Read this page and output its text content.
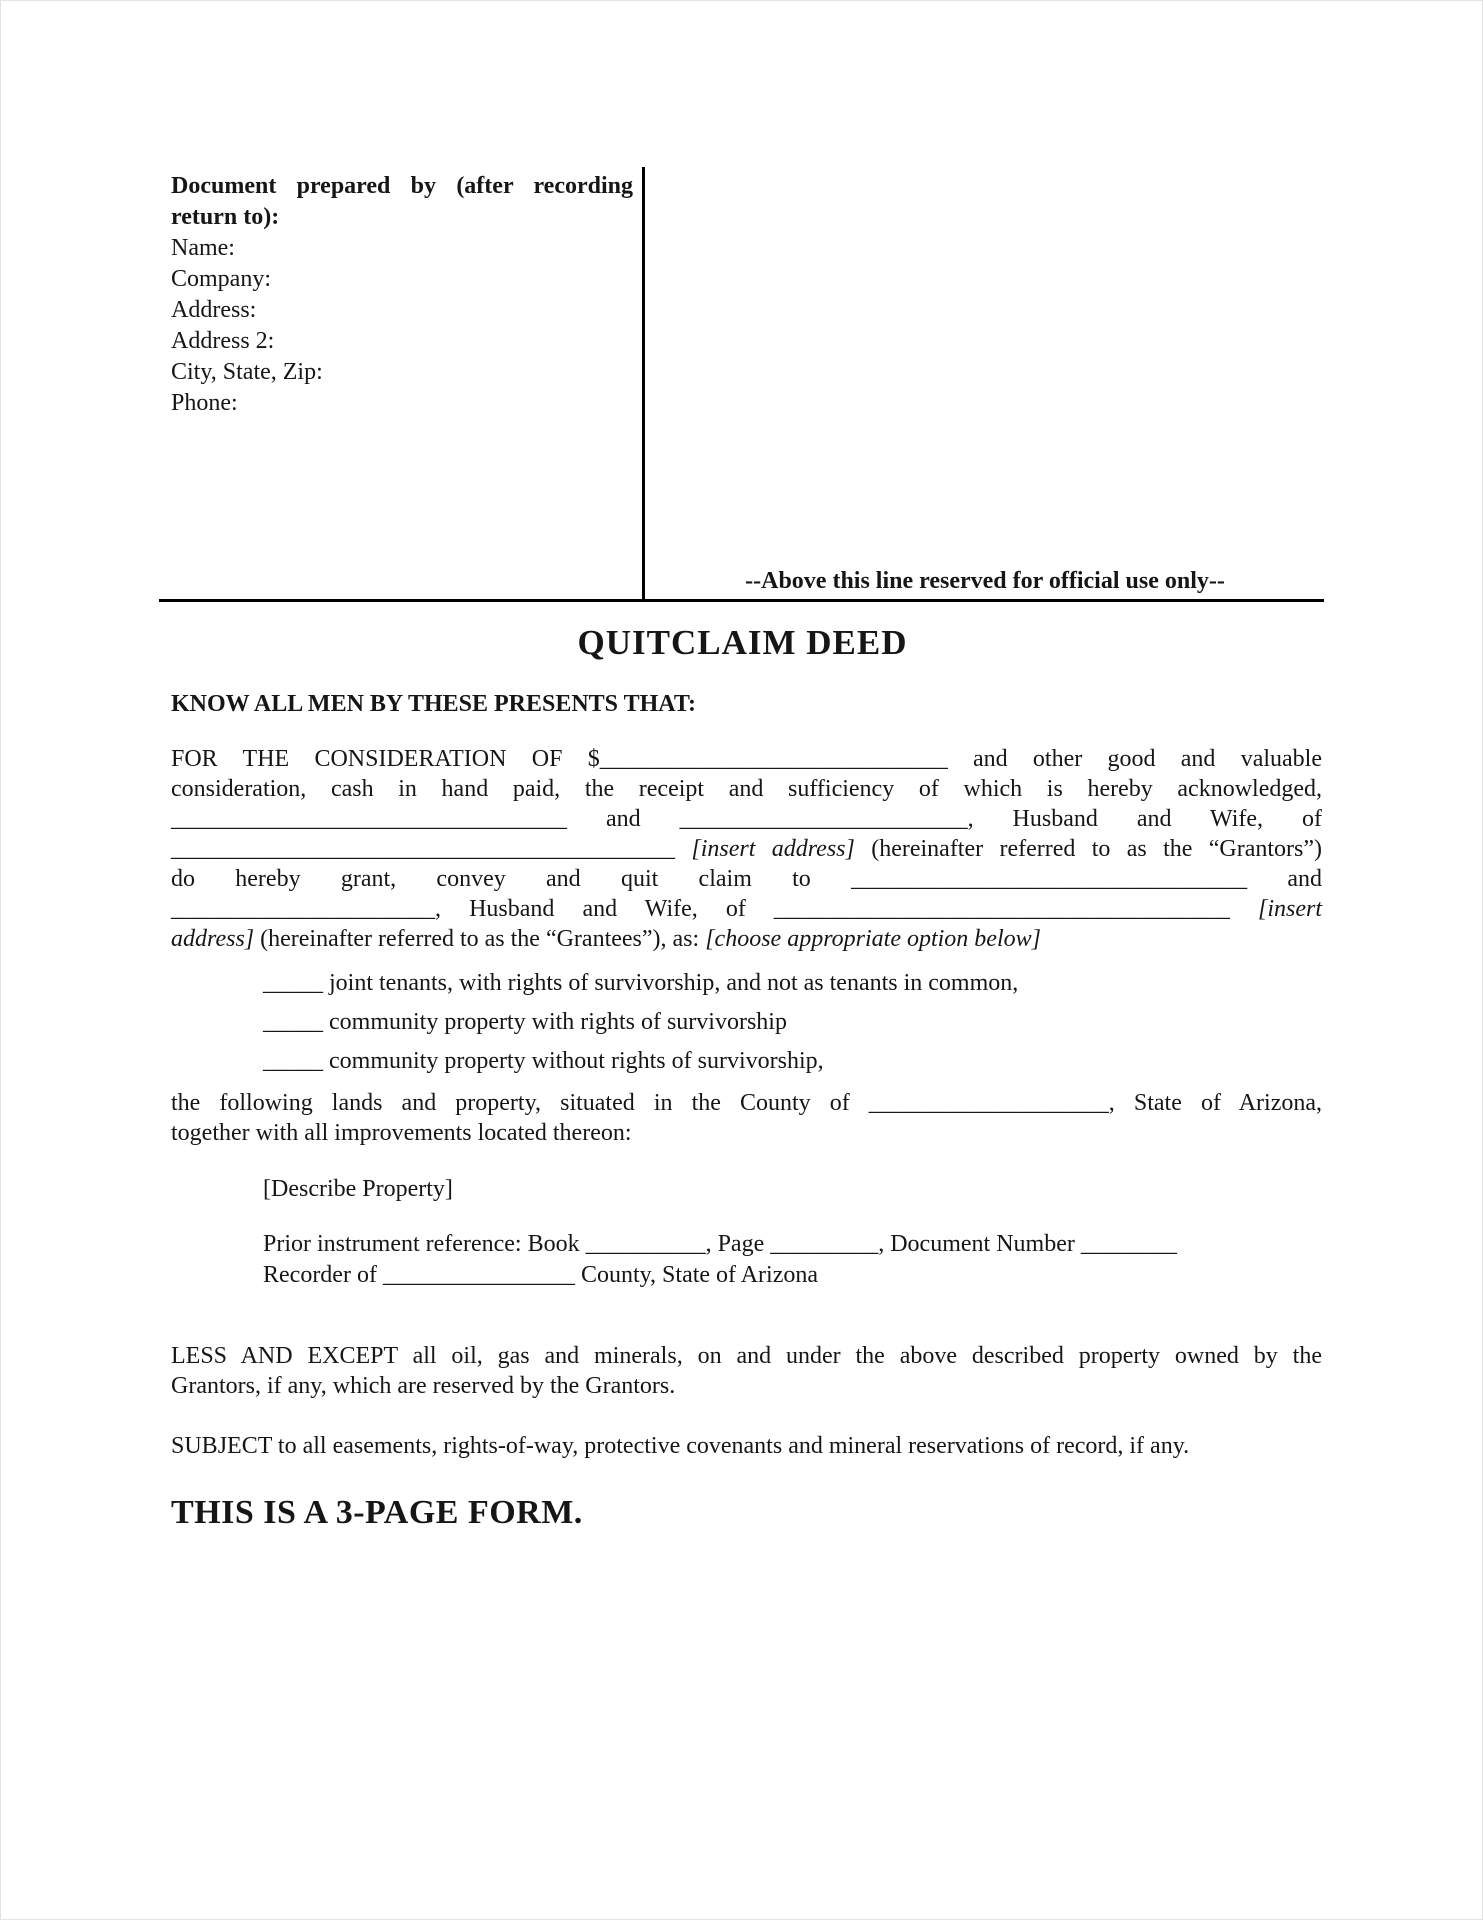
Document prepared by (after recording
return to):
Name:
Company:
Address:
Address 2:
City, State, Zip:
Phone:
--Above this line reserved for official use only--
QUITCLAIM DEED
KNOW ALL MEN BY THESE PRESENTS THAT:
FOR THE CONSIDERATION OF $_____________________________ and other good and valuable
consideration, cash in hand paid, the receipt and sufficiency of which is hereby acknowledged,
_________________________________ and ________________________, Husband and Wife, of
__________________________________________ [insert address] (hereinafter referred to as the “Grantors”)
do hereby grant, convey and quit claim to _________________________________ and
______________________, Husband and Wife, of ______________________________________ [insert
address] (hereinafter referred to as the “Grantees”), as: [choose appropriate option below]
_____ joint tenants, with rights of survivorship, and not as tenants in common,
_____ community property with rights of survivorship
_____ community property without rights of survivorship,
the following lands and property, situated in the County of ____________________, State of Arizona,
together with all improvements located thereon:
[Describe Property]
Prior instrument reference: Book __________, Page _________, Document Number ________
Recorder of ________________ County, State of Arizona
LESS AND EXCEPT all oil, gas and minerals, on and under the above described property owned by the
Grantors, if any, which are reserved by the Grantors.
SUBJECT to all easements, rights-of-way, protective covenants and mineral reservations of record, if any.
THIS IS A 3-PAGE FORM.
